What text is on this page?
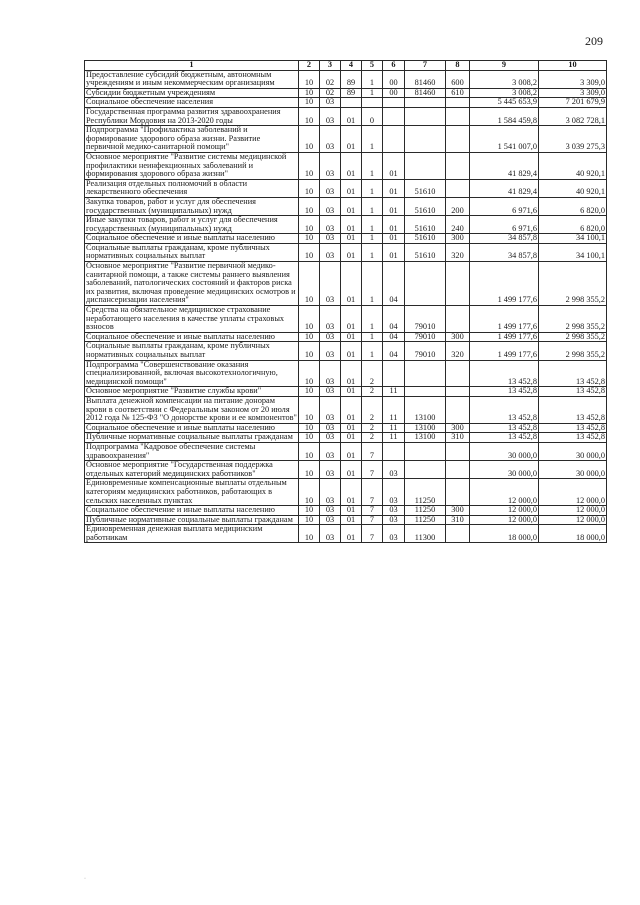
209
1	2	3	4	5	6	7	8	9	10
Предоставление субсидий бюджетным, автономным учреждениям и иным некоммерческим организациям	10	02	89	1	00	81460	600	3 008,2	3 309,0
Субсидии бюджетным учреждениям	10	02	89	1	00	81460	610	3 008,2	3 309,0
Социальное обеспечение населения	10	03						5 445 653,9	7 201 679,9
Государственная программа развития здравоохранения Республики Мордовия на 2013-2020 годы	10	03	01	0				1 584 459,8	3 082 728,1
Подпрограмма "Профилактика заболеваний и формирование здорового образа жизни. Развитие первичной медико-санитарной помощи"	10	03	01	1				1 541 007,0	3 039 275,3
Основное мероприятие "Развитие системы медицинской профилактики неинфекционных заболеваний и формирования здорового образа жизни"	10	03	01	1	01			41 829,4	40 920,1
Реализация отдельных полномочий в области лекарственного обеспечения	10	03	01	1	01	51610		41 829,4	40 920,1
Закупка товаров, работ и услуг для обеспечения государственных (муниципальных) нужд	10	03	01	1	01	51610	200	6 971,6	6 820,0
Иные закупки товаров, работ и услуг для обеспечения государственных (муниципальных) нужд	10	03	01	1	01	51610	240	6 971,6	6 820,0
Социальное обеспечение и иные выплаты населению	10	03	01	1	01	51610	300	34 857,8	34 100,1
Социальные выплаты гражданам, кроме публичных нормативных социальных выплат	10	03	01	1	01	51610	320	34 857,8	34 100,1
Основное мероприятие "Развитие первичной медико-санитарной помощи, а также системы раннего выявления заболеваний, патологических состояний и факторов риска их развития, включая проведение медицинских осмотров и диспансеризации населения"	10	03	01	1	04			1 499 177,6	2 998 355,2
Средства на обязательное медицинское страхование неработающего населения в качестве уплаты страховых взносов	10	03	01	1	04	79010		1 499 177,6	2 998 355,2
Социальное обеспечение и иные выплаты населению	10	03	01	1	04	79010	300	1 499 177,6	2 998 355,2
Социальные выплаты гражданам, кроме публичных нормативных социальных выплат	10	03	01	1	04	79010	320	1 499 177,6	2 998 355,2
Подпрограмма "Совершенствование оказания специализированной, включая высокотехнологичную, медицинской помощи"	10	03	01	2				13 452,8	13 452,8
Основное мероприятие "Развитие службы крови"	10	03	01	2	11			13 452,8	13 452,8
Выплата денежной компенсации на питание донорам крови в соответствии с Федеральным законом от 20 июля 2012 года № 125-ФЗ "О донорстве крови и ее компонентов"	10	03	01	2	11	13100		13 452,8	13 452,8
Социальное обеспечение и иные выплаты населению	10	03	01	2	11	13100	300	13 452,8	13 452,8
Публичные нормативные социальные выплаты гражданам	10	03	01	2	11	13100	310	13 452,8	13 452,8
Подпрограмма "Кадровое обеспечение системы здравоохранения"	10	03	01	7				30 000,0	30 000,0
Основное мероприятие "Государственная поддержка отдельных категорий медицинских работников"	10	03	01	7	03			30 000,0	30 000,0
Единовременные компенсационные выплаты отдельным категориям медицинских работников, работающих в сельских населенных пунктах	10	03	01	7	03	11250		12 000,0	12 000,0
Социальное обеспечение и иные выплаты населению	10	03	01	7	03	11250	300	12 000,0	12 000,0
Публичные нормативные социальные выплаты гражданам	10	03	01	7	03	11250	310	12 000,0	12 000,0
Единовременная денежная выплата медицинским работникам	10	03	01	7	03	11300		18 000,0	18 000,0
·
